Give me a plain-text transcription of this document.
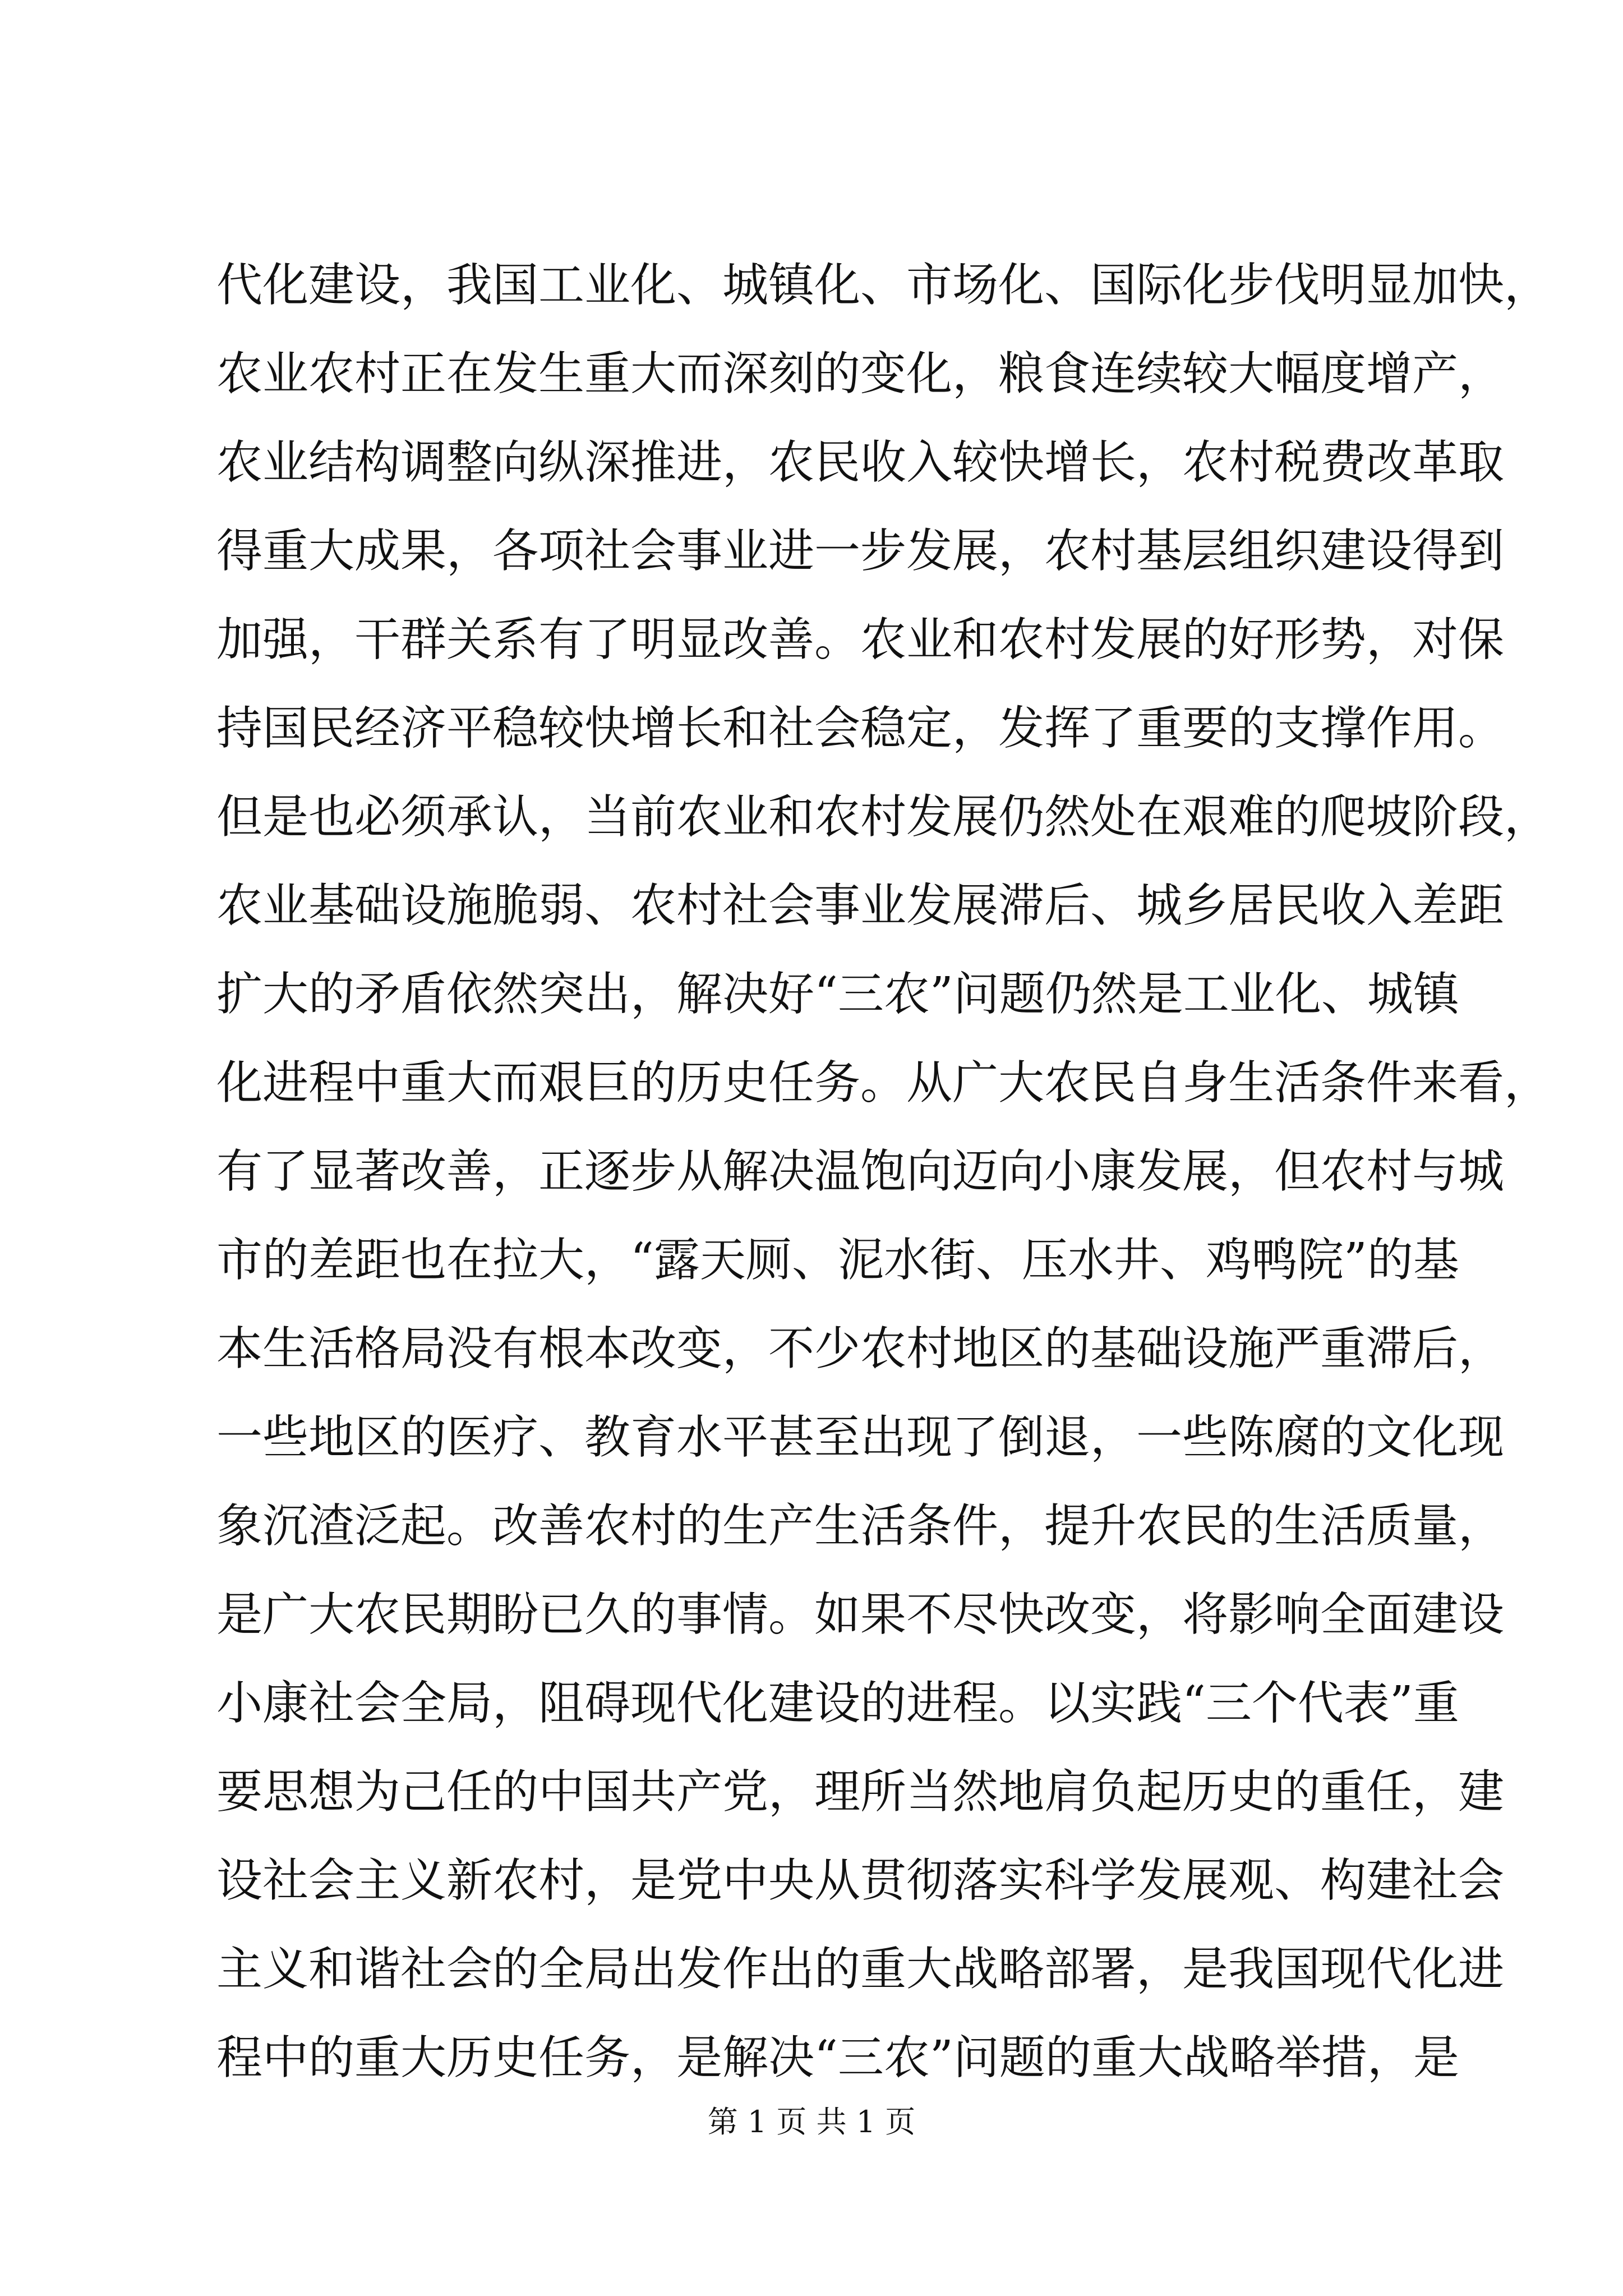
代化建设，我国工业化、城镇化、市场化、国际化步伐明显加快，
农业农村正在发生重大而深刻的变化，粮食连续较大幅度增产，
农业结构调整向纵深推进，农民收入较快增长，农村税费改革取
得重大成果，各项社会事业进一步发展，农村基层组织建设得到
加强，干群关系有了明显改善。农业和农村发展的好形势，对保
持国民经济平稳较快增长和社会稳定，发挥了重要的支撑作用。
但是也必须承认，当前农业和农村发展仍然处在艰难的爬坡阶段，
农业基础设施脆弱、农村社会事业发展滞后、城乡居民收入差距
扩大的矛盾依然突出，解决好“三农”问题仍然是工业化、城镇
化进程中重大而艰巨的历史任务。从广大农民自身生活条件来看，
有了显著改善，正逐步从解决温饱向迈向小康发展，但农村与城
市的差距也在拉大，“露天厕、泥水街、压水井、鸡鸭院”的基
本生活格局没有根本改变，不少农村地区的基础设施严重滞后，
一些地区的医疗、教育水平甚至出现了倒退，一些陈腐的文化现
象沉渣泛起。改善农村的生产生活条件，提升农民的生活质量，
是广大农民期盼已久的事情。如果不尽快改变，将影响全面建设
小康社会全局，阻碍现代化建设的进程。以实践“三个代表”重
要思想为己任的中国共产党，理所当然地肩负起历史的重任，建
设社会主义新农村，是党中央从贯彻落实科学发展观、构建社会
主义和谐社会的全局出发作出的重大战略部署，是我国现代化进
程中的重大历史任务，是解决“三农”问题的重大战略举措，是
第 1 页 共 1 页
